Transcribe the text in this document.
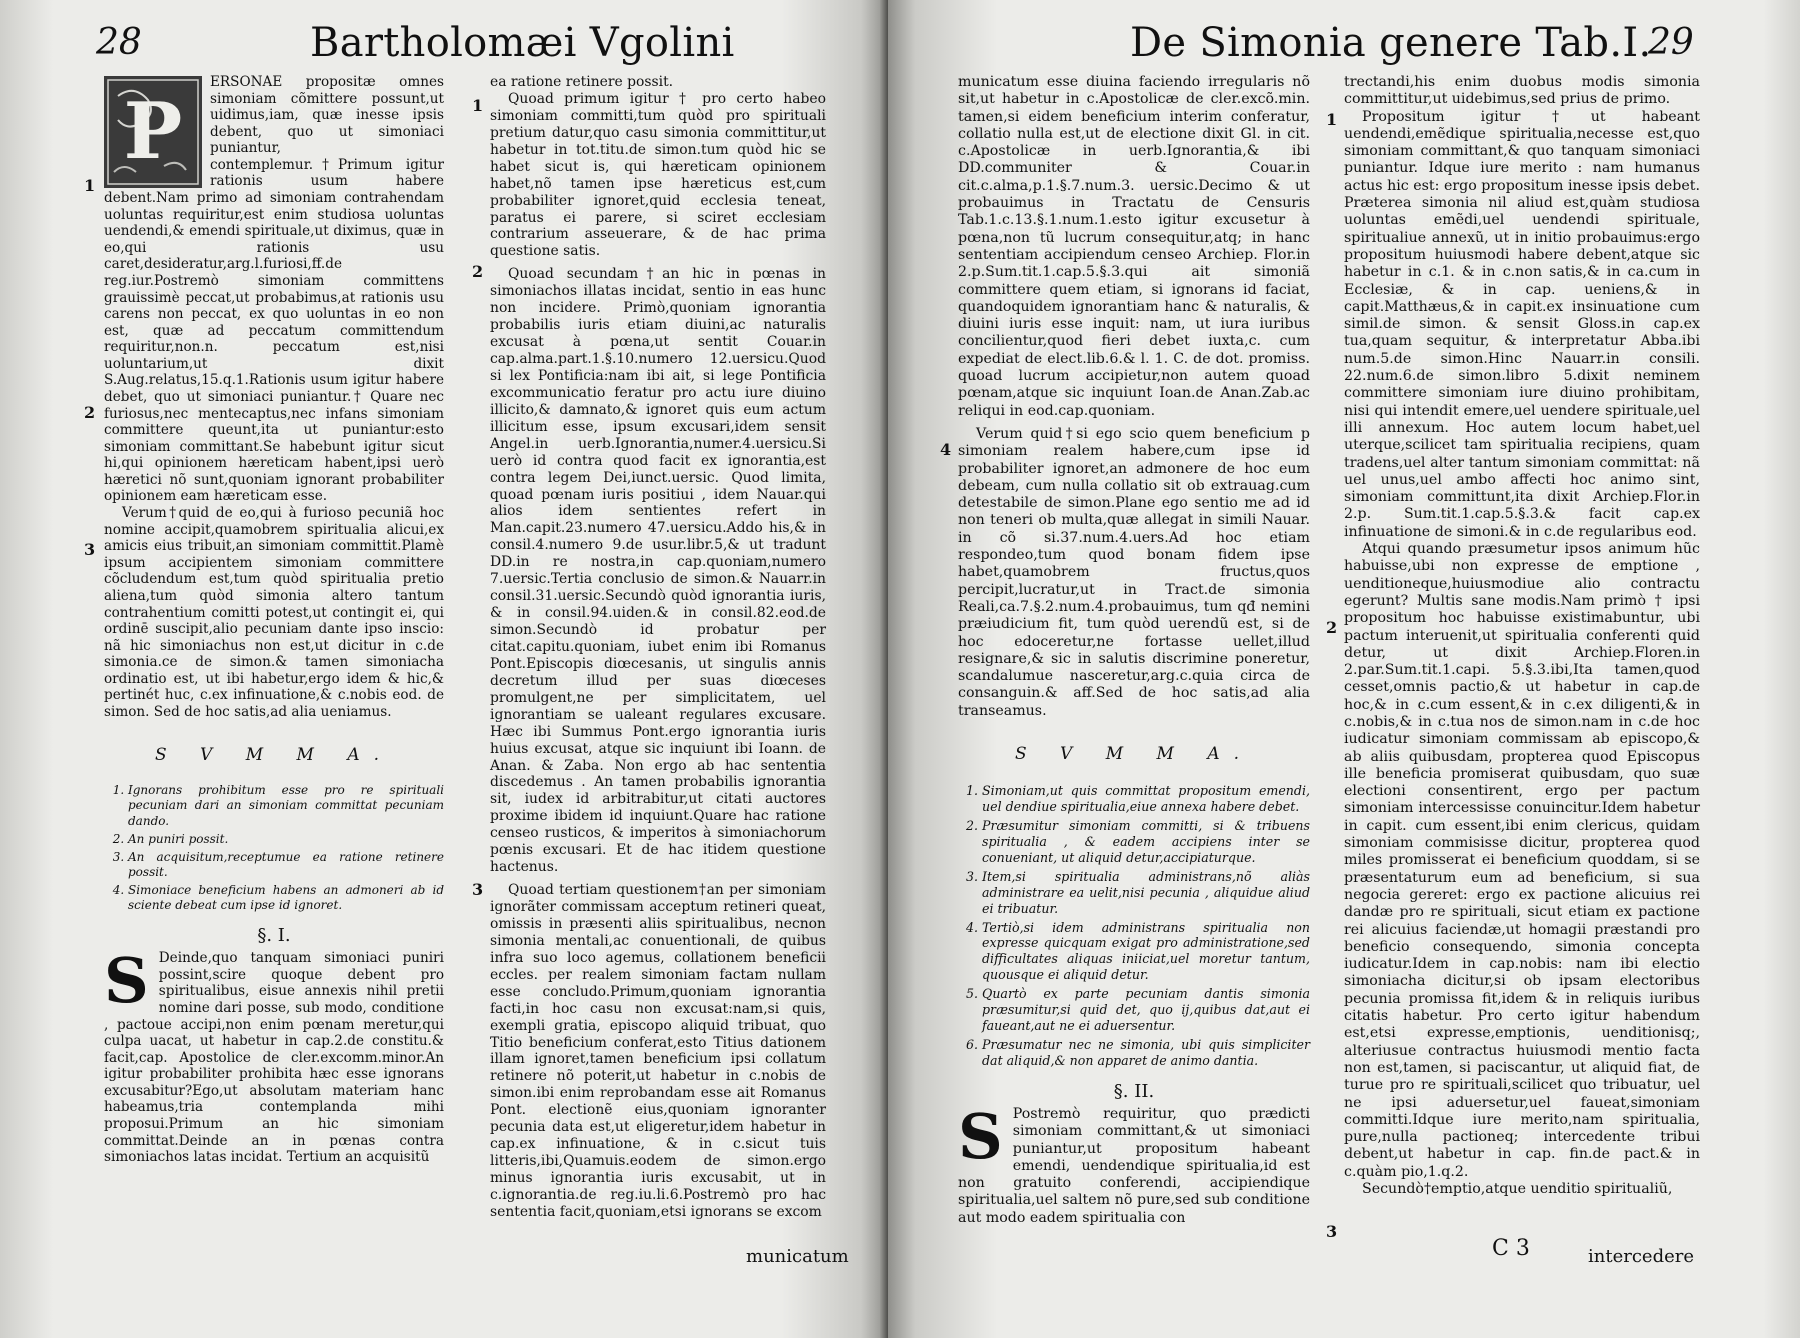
28	Bartholomæi Vgolini
P

ERSONAE propositæ omnes simoniam cõmittere possunt,ut uidimus,iam, quæ inesse ipsis debent, quo ut simoniaci puniantur, contemplemur.†Primum igitur rationis usum habere debent.Nam primo ad simoniam contrahendam uoluntas requiritur,est enim studiosa uoluntas uendendi,& emendi spirituale,ut diximus, quæ in eo,qui rationis usu caret,desideratur,arg.l.furiosi,ff.de reg.iur.Postremò simoniam committens grauissimè peccat,ut probabimus,at rationis usu carens non peccat, ex quo uoluntas in eo non est, quæ ad peccatum committendum requiritur,non.n. peccatum est,nisi uoluntarium,ut dixit S.Aug.relatus,15.q.1.Rationis usum igitur habere debet, quo ut simoniaci puniantur.† Quare nec furiosus,nec mentecaptus,nec infans simoniam committere queunt,ita ut puniantur:esto simoniam committant.Se habebunt igitur sicut hi,qui opinionem hæreticam habent,ipsi uerò hæretici nõ sunt,quoniam ignorant probabiliter opinionem eam hæreticam esse.

Verum†quid de eo,qui à furioso pecuniã hoc nomine accipit,quamobrem spiritualia alicui,ex amicis eius tribuit,an simoniam committit.Plamè ipsum accipientem simoniam committere cõcludendum est,tum quòd spiritualia pretio aliena,tum quòd simonia altero tantum contrahentium comitti potest,ut contingit ei, qui ordinē suscipit,alio pecuniam dante ipso inscio: nã hic simoniachus non est,ut dicitur in c.de simonia.ce de simon.& tamen simoniacha ordinatio est, ut ibi habetur,ergo idem & hic,& pertinét huc, c.ex infinuatione,& c.nobis eod. de simon. Sed de hoc satis,ad alia ueniamus.

S V M M A.
1. Ignorans prohibitum esse pro re spirituali pecuniam dari an simoniam committat pecuniam dando.
2. An puniri possit.
3. An acquisitum,receptumue ea ratione retinere possit.
4. Simoniace beneficium habens an admoneri ab id sciente debeat cum ipse id ignoret.
§. I.
S Deinde,quo tanquam simoniaci puniri possint,scire quoque debent pro spiritualibus, eisue annexis nihil pretii nomine dari posse, sub modo, conditione , pactoue accipi,non enim pœnam meretur,qui culpa uacat, ut habetur in cap.2.de constitu.& facit,cap. Apostolice de cler.excomm.minor.An igitur probabiliter prohibita hæc esse ignorans excusabitur?Ego,ut absolutam materiam hanc habeamus,tria contemplanda mihi proposui.Primum an hic simoniam committat.Deinde an in pœnas contra simoniachos latas incidat. Tertium an acquisitũ

ea ratione retinere possit.

Quoad primum igitur † pro certo habeo simoniam committi,tum quòd pro spirituali pretium datur,quo casu simonia committitur,ut habetur in tot.titu.de simon.tum quòd hic se habet sicut is, qui hæreticam opinionem habet,nõ tamen ipse hæreticus est,cum probabiliter ignoret,quid ecclesia teneat, paratus ei parere, si sciret ecclesiam contrarium asseuerare, & de hac prima questione satis.

Quoad secundam†an hic in pœnas in simoniachos illatas incidat, sentio in eas hunc non incidere. Primò,quoniam ignorantia probabilis iuris etiam diuini,ac naturalis excusat à pœna,ut sentit Couar.in cap.alma.part.1.§.10.numero 12.uersicu.Quod si lex Pontificia:nam ibi ait, si lege Pontificia excommunicatio feratur pro actu iure diuino illicito,& damnato,& ignoret quis eum actum illicitum esse, ipsum excusari,idem sensit Angel.in uerb.Ignorantia,numer.4.uersicu.Si uerò id contra quod facit ex ignorantia,est contra legem Dei,iunct.uersic. Quod limita, quoad pœnam iuris positiui , idem Nauar.qui alios idem sentientes refert in Man.capit.23.numero 47.uersicu.Addo his,& in consil.4.numero 9.de usur.libr.5,& ut tradunt DD.in re nostra,in cap.quoniam,numero 7.uersic.Tertia conclusio de simon.& Nauarr.in consil.31.uersic.Secundò quòd ignorantia iuris, & in consil.94.uiden.& in consil.82.eod.de simon.Secundò id probatur per citat.capitu.quoniam, iubet enim ibi Romanus Pont.Episcopis diœcesanis, ut singulis annis decretum illud per suas diœceses promulgent,ne per simplicitatem, uel ignorantiam se ualeant regulares excusare. Hæc ibi Summus Pont.ergo ignorantia iuris huius excusat, atque sic inquiunt ibi Ioann. de Anan. & Zaba. Non ergo ab hac sententia discedemus . An tamen probabilis ignorantia sit, iudex id arbitrabitur,ut citati auctores proxime ibidem id inquiunt.Quare hac ratione censeo rusticos, & imperitos à simoniachorum pœnis excusari. Et de hac itidem questione hactenus.

Quoad tertiam questionem†an per simoniam ignorãter commissam acceptum retineri queat, omissis in præsenti aliis spiritualibus, necnon simonia mentali,ac conuentionali, de quibus infra suo loco agemus, collationem beneficii eccles. per realem simoniam factam nullam esse concludo.Primum,quoniam ignorantia facti,in hoc casu non excusat:nam,si quis, exempli gratia, episcopo aliquid tribuat, quo Titio beneficium conferat,esto Titius dationem illam ignoret,tamen beneficium ipsi collatum retinere nõ poterit,ut habetur in c.nobis de simon.ibi enim reprobandam esse ait Romanus Pont. electionẽ eius,quoniam ignoranter pecunia data est,ut eligeretur,idem habetur in cap.ex infinuatione, & in c.sicut tuis litteris,ibi,Quamuis.eodem de simon.ergo minus ignorantia iuris excusabit, ut in c.ignorantia.de reg.iu.li.6.Postremò pro hac sententia facit,quoniam,etsi ignorans se excom

1
2
3
1
2
3
municatum
De Simonia genere Tab.I.
29

municatum esse diuina faciendo irregularis nõ sit,ut habetur in c.Apostolicæ de cler.excõ.min. tamen,si eidem beneficium interim conferatur, collatio nulla est,ut de electione dixit Gl. in cit. c.Apostolicæ in uerb.Ignorantia,& ibi DD.communiter & Couar.in cit.c.alma,p.1.§.7.num.3. uersic.Decimo & ut probauimus in Tractatu de Censuris Tab.1.c.13.§.1.num.1.esto igitur excusetur à pœna,non tũ lucrum consequitur,atq; in hanc sententiam accipiendum censeo Archiep. Flor.in 2.p.Sum.tit.1.cap.5.§.3.qui ait simoniã committere quem etiam, si ignorans id faciat, quandoquidem ignorantiam hanc & naturalis, & diuini iuris esse inquit: nam, ut iura iuribus concilientur,quod fieri debet iuxta,c. cum expediat de elect.lib.6.& l. 1. C. de dot. promiss. quoad lucrum accipietur,non autem quoad pœnam,atque sic inquiunt Ioan.de Anan.Zab.ac reliqui in eod.cap.quoniam.

Verum quid†si ego scio quem beneficium p simoniam realem habere,cum ipse id probabiliter ignoret,an admonere de hoc eum debeam, cum nulla collatio sit ob extrauag.cum detestabile de simon.Plane ego sentio me ad id non teneri ob multa,quæ allegat in simili Nauar. in cõ si.37.num.4.uers.Ad hoc etiam respondeo,tum quod bonam fidem ipse habet,quamobrem fructus,quos percipit,lucratur,ut in Tract.de simonia Reali,ca.7.§.2.num.4.probauimus, tum qđ nemini præiudicium fit, tum quòd uerendũ est, si de hoc edoceretur,ne fortasse uellet,illud resignare,& sic in salutis discrimine poneretur, scandalumue nasceretur,arg.c.quia circa de consanguin.& aff.Sed de hoc satis,ad alia transeamus.

S V M M A.
1. Simoniam,ut quis committat propositum emendi, uel dendiue spiritualia,eiue annexa habere debet.
2. Præsumitur simoniam committi, si & tribuens spiritualia , & eadem accipiens inter se conueniant, ut aliquid detur,accipiaturque.
3. Item,si spiritualia administrans,nõ aliàs administrare ea uelit,nisi pecunia , aliquidue aliud ei tribuatur.
4. Tertiò,si idem administrans spiritualia non expresse quicquam exigat pro administratione,sed difficultates aliquas iniiciat,uel moretur tantum, quousque ei aliquid detur.
5. Quartò ex parte pecuniam dantis simonia præsumitur,si quid det, quo ij,quibus dat,aut ei faueant,aut ne ei aduersentur.
6. Præsumatur nec ne simonia, ubi quis simpliciter dat aliquid,& non apparet de animo dantia.
§. II.
S Postremò requiritur, quo prædicti simoniam committant,& ut simoniaci puniantur,ut propositum habeant emendi, uendendique spiritualia,id est non gratuito conferendi, accipiendique spiritualia,uel saltem nõ pure,sed sub conditione aut modo eadem spiritualia con

trectandi,his enim duobus modis simonia committitur,ut uidebimus,sed prius de primo.

Propositum igitur†ut habeant uendendi,emẽdique spiritualia,necesse est,quo simoniam committant,& quo tanquam simoniaci puniantur. Idque iure merito : nam humanus actus hic est: ergo propositum inesse ipsis debet. Præterea simonia nil aliud est,quàm studiosa uoluntas emẽdi,uel uendendi spirituale, spiritualiue annexũ, ut in initio probauimus:ergo propositum huiusmodi habere debent,atque sic habetur in c.1. & in c.non satis,& in ca.cum in Ecclesiæ, & in cap. ueniens,& in capit.Matthæus,& in capit.ex insinuatione cum simil.de simon. & sensit Gloss.in cap.ex tua,quam sequitur, & interpretatur Abba.ibi num.5.de simon.Hinc Nauarr.in consili. 22.num.6.de simon.libro 5.dixit neminem committere simoniam iure diuino prohibitam, nisi qui intendit emere,uel uendere spirituale,uel illi annexum. Hoc autem locum habet,uel uterque,scilicet tam spiritualia recipiens, quam tradens,uel alter tantum simoniam committat: nã uel unus,uel ambo affecti hoc animo sint, simoniam committunt,ita dixit Archiep.Flor.in 2.p. Sum.tit.1.cap.5.§.3.& facit cap.ex infinuatione de simoni.& in c.de regularibus eod.

Atqui quando præsumetur ipsos animum hũc habuisse,ubi non expresse de emptione , uenditioneque,huiusmodiue alio contractu egerunt? Multis sane modis.Nam primò † ipsi propositum hoc habuisse existimabuntur, ubi pactum interuenit,ut spiritualia conferenti quid detur, ut dixit Archiep.Floren.in 2.par.Sum.tit.1.capi. 5.§.3.ibi,Ita tamen,quod cesset,omnis pactio,& ut habetur in cap.de hoc,& in c.cum essent,& in c.ex diligenti,& in c.nobis,& in c.tua nos de simon.nam in c.de hoc iudicatur simoniam commissam ab episcopo,& ab aliis quibusdam, propterea quod Episcopus ille beneficia promiserat quibusdam, quo suæ electioni consentirent, ergo per pactum simoniam intercessisse conuincitur.Idem habetur in capit. cum essent,ibi enim clericus, quidam simoniam commisisse dicitur, propterea quod miles promisserat ei beneficium quoddam, si se præsentaturum eum ad beneficium, si sua negocia gereret: ergo ex pactione alicuius rei dandæ pro re spirituali, sicut etiam ex pactione rei alicuius faciendæ,ut homagii præstandi pro beneficio consequendo, simonia concepta iudicatur.Idem in cap.nobis: nam ibi electio simoniacha dicitur,si ob ipsam electoribus pecunia promissa fit,idem & in reliquis iuribus citatis habetur. Pro certo igitur habendum est,etsi expresse,emptionis, uenditionisq;, alteriusue contractus huiusmodi mentio facta non est,tamen, si paciscantur, ut aliquid fiat, de turue pro re spirituali,scilicet quo tribuatur, uel ne ipsi aduersetur,uel faueat,simoniam committi.Idque iure merito,nam spiritualia, pure,nulla pactioneq; intercedente tribui debent,ut habetur in cap. fin.de pact.& in c.quàm pio,1.q.2.

Secundò†emptio,atque uenditio spiritualiũ,

1
4
2
3
C 3	intercedere
